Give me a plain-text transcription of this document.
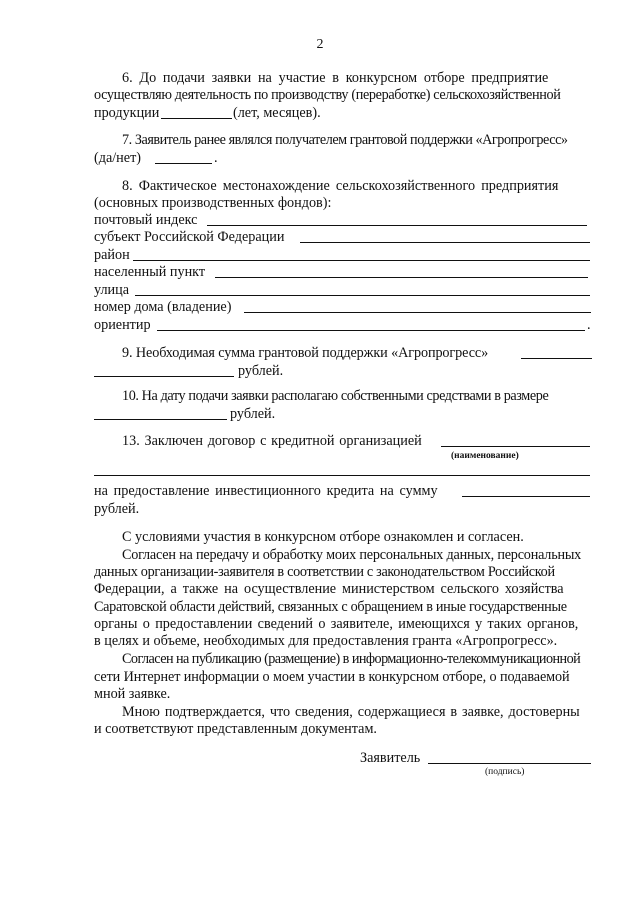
2
6. До подачи заявки на участие в конкурсном отборе предприятие
осуществляю деятельность по производству (переработке) сельскохозяйственной
продукции	(лет, месяцев).
7. Заявитель ранее являлся получателем грантовой поддержки «Агропрогресс»
(да/нет)	.
8. Фактическое местонахождение сельскохозяйственного предприятия
(основных производственных фондов):
почтовый индекс
субъект Российской Федерации
район
населенный пункт
улица
номер дома (владение)
ориентир	.
9. Необходимая сумма грантовой поддержки «Агропрогресс»
рублей.
10. На дату подачи заявки располагаю собственными средствами в размере
рублей.
13. Заключен договор с кредитной организацией
(наименование)
на предоставление инвестиционного кредита на сумму
рублей.
С условиями участия в конкурсном отборе ознакомлен и согласен.
Согласен на передачу и обработку моих персональных данных, персональных
данных организации-заявителя в соответствии с законодательством Российской
Федерации, а также на осуществление министерством сельского хозяйства
Саратовской области действий, связанных с обращением в иные государственные
органы о предоставлении сведений о заявителе, имеющихся у таких органов,
в целях и объеме, необходимых для предоставления гранта «Агропрогресс».
Согласен на публикацию (размещение) в информационно-телекоммуникационной
сети Интернет информации о моем участии в конкурсном отборе, о подаваемой
мной заявке.
Мною подтверждается, что сведения, содержащиеся в заявке, достоверны
и соответствуют представленным документам.
Заявитель
(подпись)
